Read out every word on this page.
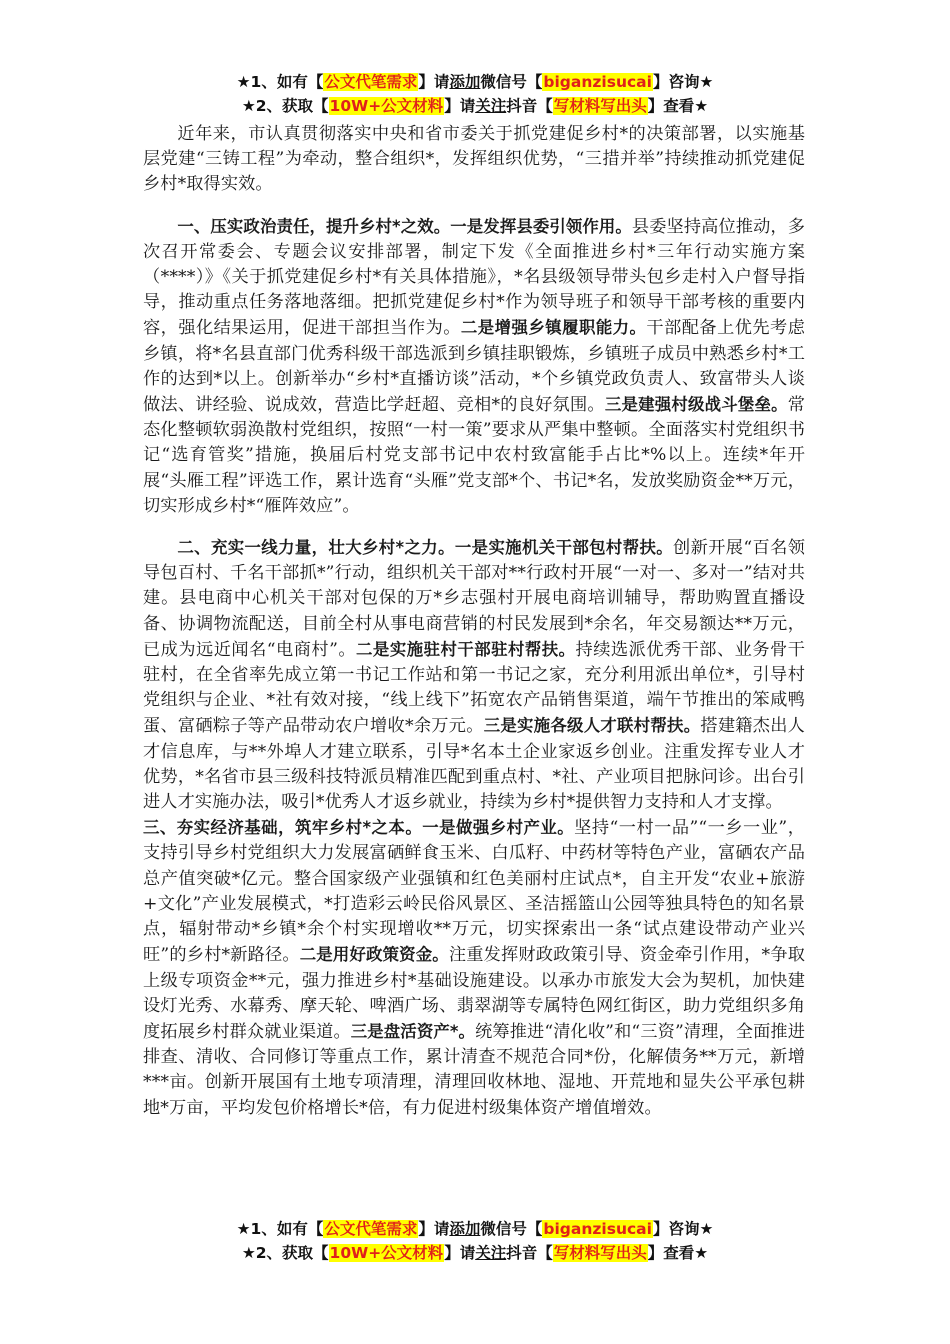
★1、如有【公文代笔需求】请添加微信号【biganzisucai】咨询★
★2、获取【10W+公文材料】请关注抖音【写材料写出头】查看★

近年来，市认真贯彻落实中央和省市委关于抓党建促乡村*的决策部署，以实施基层党建“三铸工程”为牵动，整合组织*，发挥组织优势，“三措并举”持续推动抓党建促乡村*取得实效。

一、压实政治责任，提升乡村*之效。一是发挥县委引领作用。县委坚持高位推动，多次召开常委会、专题会议安排部署，制定下发《全面推进乡村*三年行动实施方案（****）》《关于抓党建促乡村*有关具体措施》，*名县级领导带头包乡走村入户督导指导，推动重点任务落地落细。把抓党建促乡村*作为领导班子和领导干部考核的重要内容，强化结果运用，促进干部担当作为。二是增强乡镇履职能力。干部配备上优先考虑乡镇，将*名县直部门优秀科级干部选派到乡镇挂职锻炼，乡镇班子成员中熟悉乡村*工作的达到*以上。创新举办“乡村*直播访谈”活动，*个乡镇党政负责人、致富带头人谈做法、讲经验、说成效，营造比学赶超、竞相*的良好氛围。三是建强村级战斗堡垒。常态化整顿软弱涣散村党组织，按照“一村一策”要求从严集中整顿。全面落实村党组织书记“选育管奖”措施，换届后村党支部书记中农村致富能手占比*%以上。连续*年开展“头雁工程”评选工作，累计选育“头雁”党支部*个、书记*名，发放奖励资金**万元，切实形成乡村*“雁阵效应”。

二、充实一线力量，壮大乡村*之力。一是实施机关干部包村帮扶。创新开展“百名领导包百村、千名干部抓*”行动，组织机关干部对**行政村开展“一对一、多对一”结对共建。县电商中心机关干部对包保的万*乡志强村开展电商培训辅导，帮助购置直播设备、协调物流配送，目前全村从事电商营销的村民发展到*余名，年交易额达**万元，已成为远近闻名“电商村”。二是实施驻村干部驻村帮扶。持续选派优秀干部、业务骨干驻村，在全省率先成立第一书记工作站和第一书记之家，充分利用派出单位*，引导村党组织与企业、*社有效对接，“线上线下”拓宽农产品销售渠道，端午节推出的笨咸鸭蛋、富硒粽子等产品带动农户增收*余万元。三是实施各级人才联村帮扶。搭建籍杰出人才信息库，与**外埠人才建立联系，引导*名本土企业家返乡创业。注重发挥专业人才优势，*名省市县三级科技特派员精准匹配到重点村、*社、产业项目把脉问诊。出台引进人才实施办法，吸引*优秀人才返乡就业，持续为乡村*提供智力支持和人才支撑。

三、夯实经济基础，筑牢乡村*之本。一是做强乡村产业。坚持“一村一品”“一乡一业”，支持引导乡村党组织大力发展富硒鲜食玉米、白瓜籽、中药材等特色产业，富硒农产品总产值突破*亿元。整合国家级产业强镇和红色美丽村庄试点*，自主开发“农业+旅游+文化”产业发展模式，*打造彩云岭民俗风景区、圣洁摇篮山公园等独具特色的知名景点，辐射带动*乡镇*余个村实现增收**万元，切实探索出一条“试点建设带动产业兴旺”的乡村*新路径。二是用好政策资金。注重发挥财政政策引导、资金牵引作用，*争取上级专项资金**元，强力推进乡村*基础设施建设。以承办市旅发大会为契机，加快建设灯光秀、水幕秀、摩天轮、啤酒广场、翡翠湖等专属特色网红街区，助力党组织多角度拓展乡村群众就业渠道。三是盘活资产*。统筹推进“清化收”和“三资”清理，全面推进排查、清收、合同修订等重点工作，累计清查不规范合同*份，化解债务**万元，新增***亩。创新开展国有土地专项清理，清理回收林地、湿地、开荒地和显失公平承包耕地*万亩，平均发包价格增长*倍，有力促进村级集体资产增值增效。

★1、如有【公文代笔需求】请添加微信号【biganzisucai】咨询★
★2、获取【10W+公文材料】请关注抖音【写材料写出头】查看★
